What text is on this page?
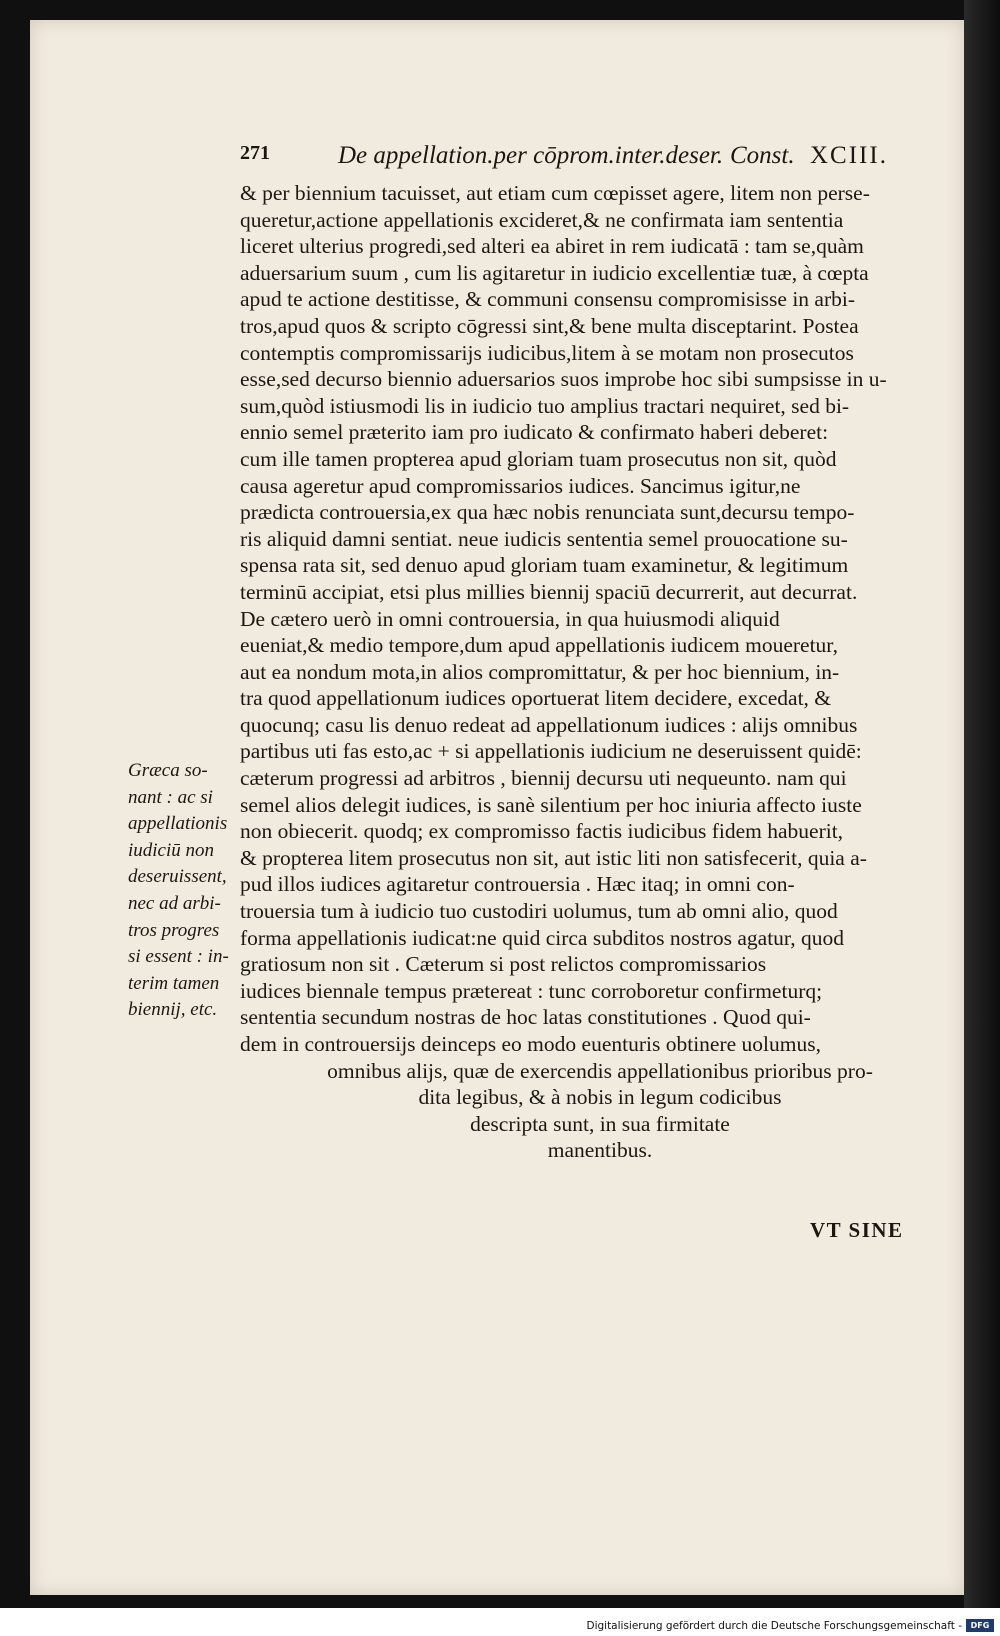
271	De appellation.per cōprom.inter.deser. Const. XCIII.
& per biennium tacuisset, aut etiam cum cœpisset agere, litem non perse-
queretur,actione appellationis excideret,& ne confirmata iam sententia
liceret ulterius progredi,sed alteri ea abiret in rem iudicatā : tam se,quàm
aduersarium suum , cum lis agitaretur in iudicio excellentiæ tuæ, à cœpta
apud te actione destitisse, & communi consensu compromisisse in arbi-
tros,apud quos & scripto cōgressi sint,& bene multa disceptarint. Postea
contemptis compromissarijs iudicibus,litem à se motam non prosecutos
esse,sed decurso biennio aduersarios suos improbe hoc sibi sumpsisse in u-
sum,quòd istiusmodi lis in iudicio tuo amplius tractari nequiret, sed bi-
ennio semel præterito iam pro iudicato & confirmato haberi deberet:
cum ille tamen propterea apud gloriam tuam prosecutus non sit, quòd
causa ageretur apud compromissarios iudices. Sancimus igitur,ne
prædicta controuersia,ex qua hæc nobis renunciata sunt,decursu tempo-
ris aliquid damni sentiat. neue iudicis sententia semel prouocatione su-
spensa rata sit, sed denuo apud gloriam tuam examinetur, & legitimum
terminū accipiat, etsi plus millies biennij spaciū decurrerit, aut decurrat.
De cætero uerò in omni controuersia, in qua huiusmodi aliquid
eueniat,& medio tempore,dum apud appellationis iudicem moueretur,
aut ea nondum mota,in alios compromittatur, & per hoc biennium, in-
tra quod appellationum iudices oportuerat litem decidere, excedat, &
quocunq; casu lis denuo redeat ad appellationum iudices : alijs omnibus
partibus uti fas esto,ac + si appellationis iudicium ne deseruissent quidē:
cæterum progressi ad arbitros , biennij decursu uti nequeunto. nam qui
semel alios delegit iudices, is sanè silentium per hoc iniuria affecto iuste
non obiecerit. quodq; ex compromisso factis iudicibus fidem habuerit,
& propterea litem prosecutus non sit, aut istic liti non satisfecerit, quia a-
pud illos iudices agitaretur controuersia . Hæc itaq; in omni con-
trouersia tum à iudicio tuo custodiri uolumus, tum ab omni alio, quod
forma appellationis iudicat:ne quid circa subditos nostros agatur, quod
gratiosum non sit . Cæterum si post relictos compromissarios
iudices biennale tempus prætereat : tunc corroboretur confirmeturq;
sententia secundum nostras de hoc latas constitutiones . Quod qui-
dem in controuersijs deinceps eo modo euenturis obtinere uolumus,
omnibus alijs, quæ de exercendis appellationibus prioribus pro-
dita legibus, & à nobis in legum codicibus
descripta sunt, in sua firmitate
manentibus.
Græca so-
nant : ac si
appellationis
iudiciū non
deseruissent,
nec ad arbi-
tros progres
si essent : in-
terim tamen
biennij, etc.
VT SINE
Digitalisierung gefördert durch die Deutsche Forschungsgemeinschaft -	DFG
